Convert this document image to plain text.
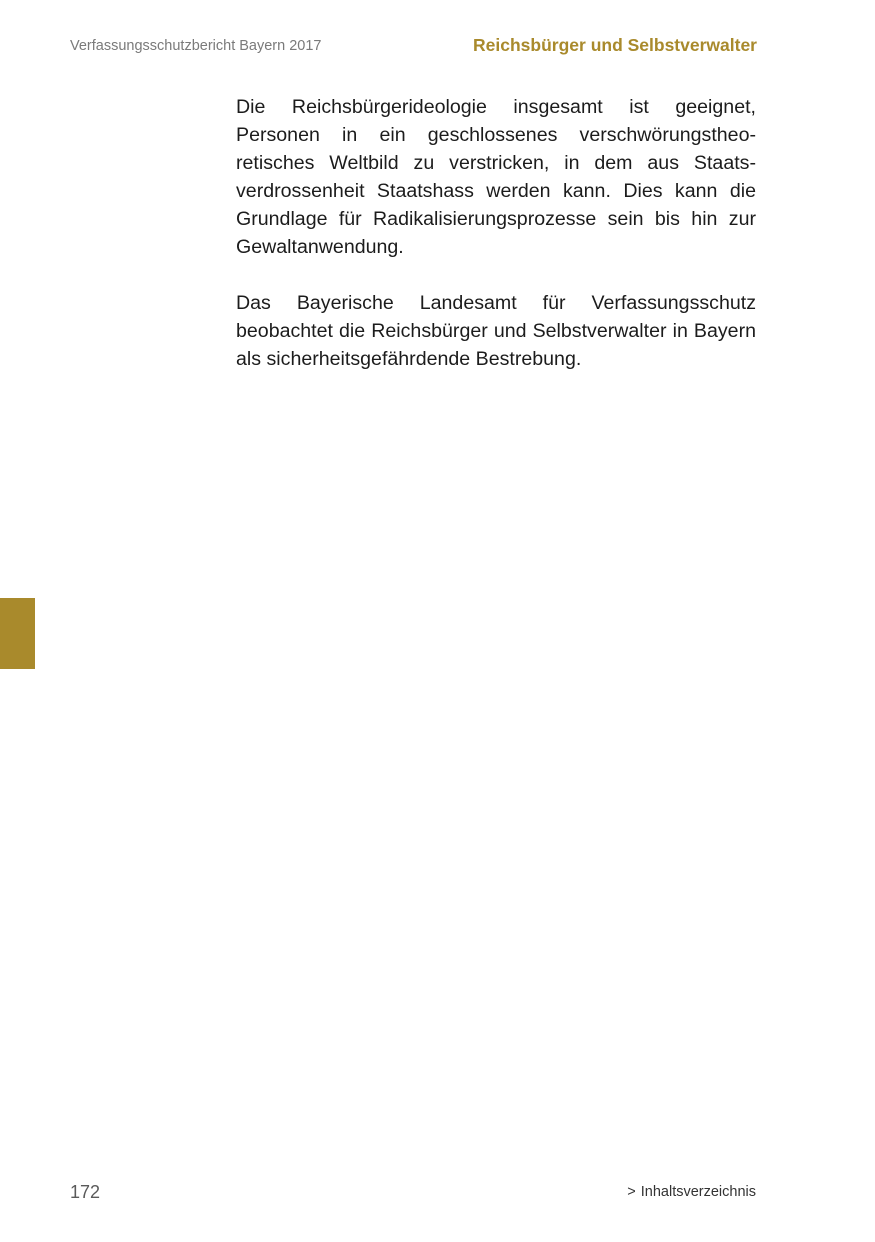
Verfassungsschutzbericht Bayern 2017	Reichsbürger und Selbstverwalter

Die Reichsbürgerideologie insgesamt ist geeignet, Personen in ein geschlossenes verschwörungstheoretisches Weltbild zu verstricken, in dem aus Staatsverdrossenheit Staatshass werden kann. Dies kann die Grundlage für Radikalisierungsprozesse sein bis hin zur Gewaltanwendung.

Das Bayerische Landesamt für Verfassungsschutz beobachtet die Reichsbürger und Selbstverwalter in Bayern als sicherheitsgefährdende Bestrebung.

172	> Inhaltsverzeichnis
